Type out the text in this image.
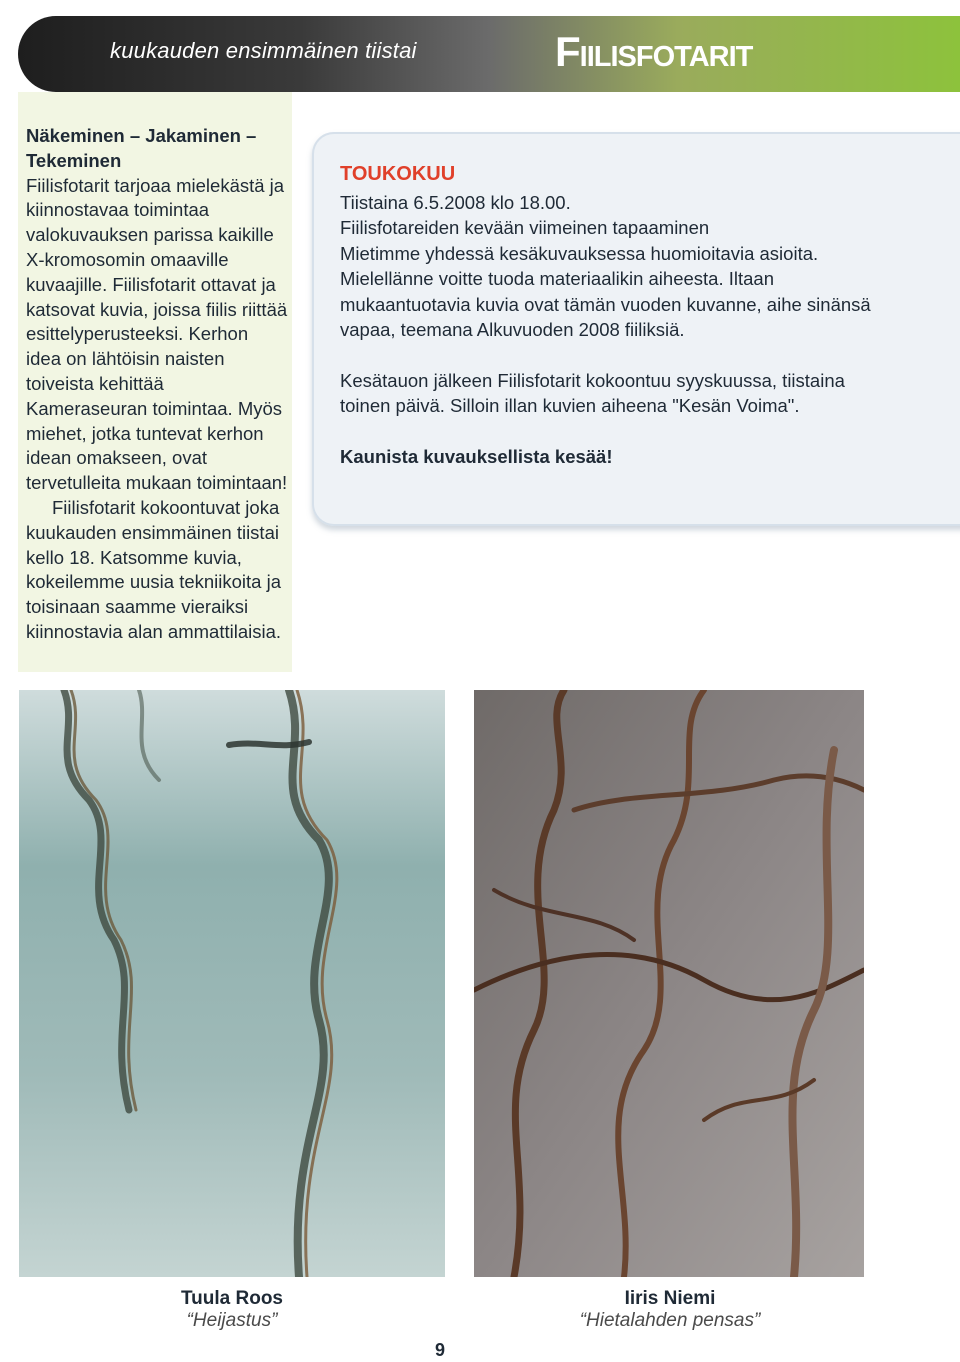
kuukauden ensimmäinen tiistai	Fiilisfotarit
Näkeminen – Jakaminen – Tekeminen
Fiilisfotarit tarjoaa mielekästä ja kiinnostavaa toimintaa valokuvauksen parissa kaikille X-kromosomin omaaville kuvaajille. Fiilisfotarit ottavat ja katsovat kuvia, joissa fiilis riittää esittelyperusteeksi. Kerhon idea on lähtöisin naisten toiveista kehittää Kameraseuran toimintaa. Myös miehet, jotka tuntevat kerhon idean omakseen, ovat tervetulleita mukaan toimintaan!
Fiilisfotarit kokoontuvat joka kuukauden ensimmäinen tiistai kello 18. Katsomme kuvia, kokeilemme uusia tekniikoita ja toisinaan saamme vieraiksi kiinnostavia alan ammattilaisia.
TOUKOKUU
Tiistaina 6.5.2008 klo 18.00.
Fiilisfotareiden kevään viimeinen tapaaminen
Mietimme yhdessä kesäkuvauksessa huomioitavia asioita. Mielellänne voitte tuoda materiaalikin aiheesta. Iltaan mukaantuotavia kuvia ovat tämän vuoden kuvanne, aihe sinänsä vapaa, teemana Alkuvuoden 2008 fiiliksiä.
Kesätauon jälkeen Fiilisfotarit kokoontuu syyskuussa, tiistaina toinen päivä. Silloin illan kuvien aiheena "Kesän Voima".
Kaunista kuvauksellista kesää!
Tuula Roos
“Heijastus”
Iiris Niemi
“Hietalahden pensas”
9
